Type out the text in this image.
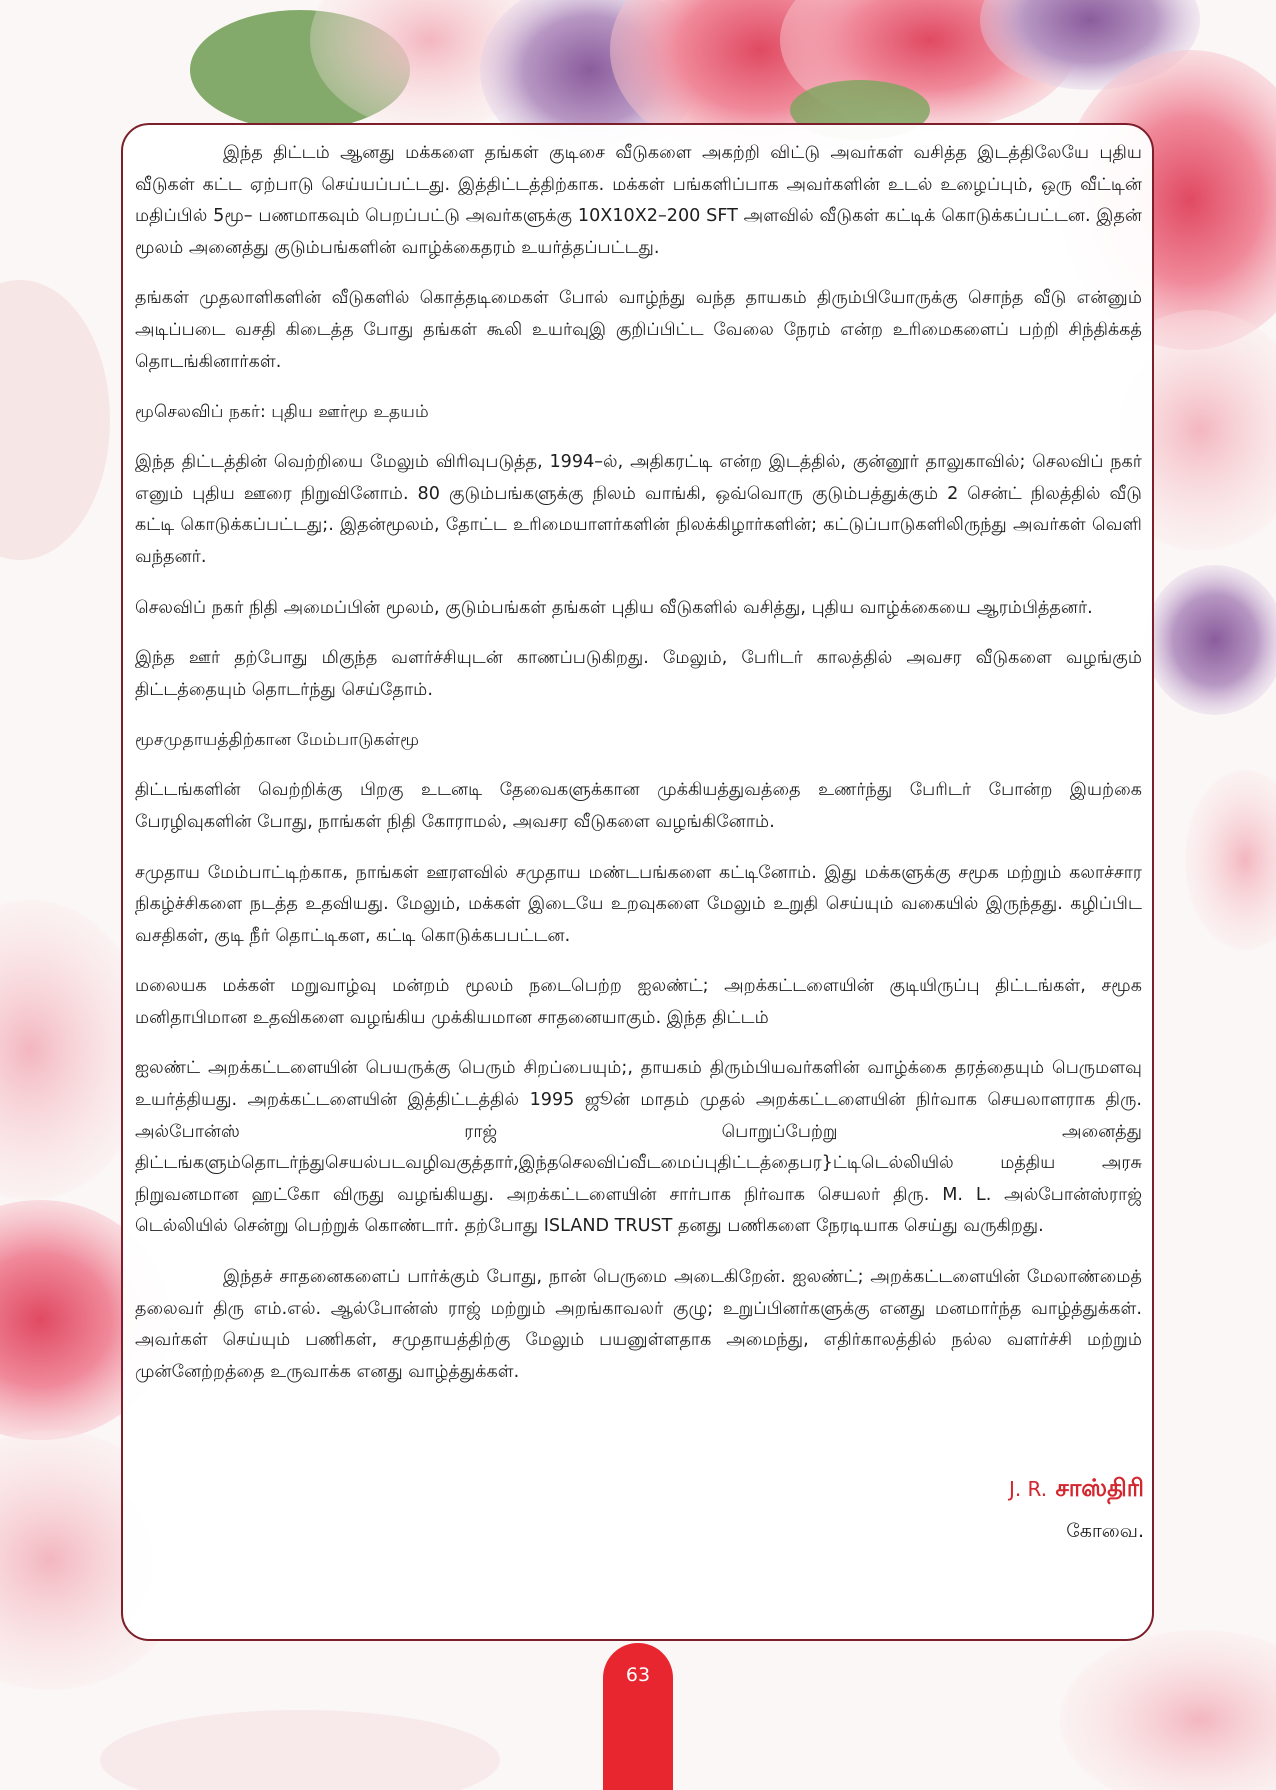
இந்த திட்டம் ஆனது மக்களை தங்கள் குடிசை வீடுகளை அகற்றி விட்டு அவர்கள் வசித்த இடத்திலேயே புதிய வீடுகள் கட்ட ஏற்பாடு செய்யப்பட்டது. இத்திட்டத்திற்காக. மக்கள் பங்களிப்பாக அவர்களின் உடல் உழைப்பும், ஒரு வீட்டின் மதிப்பில் 5மூ– பணமாகவும் பெறப்பட்டு அவர்களுக்கு 10X10X2–200 SFT அளவில் வீடுகள் கட்டிக் கொடுக்கப்பட்டன. இதன் மூலம் அனைத்து குடும்பங்களின் வாழ்க்கைதரம் உயர்த்தப்பட்டது.

தங்கள் முதலாளிகளின் வீடுகளில் கொத்தடிமைகள் போல் வாழ்ந்து வந்த தாயகம் திரும்பியோருக்கு சொந்த வீடு என்னும் அடிப்படை வசதி கிடைத்த போது தங்கள் கூலி உயர்வுஇ குறிப்பிட்ட வேலை நேரம் என்ற உரிமைகளைப் பற்றி சிந்திக்கத் தொடங்கினார்கள்.

மூசெலவிப் நகர்: புதிய ஊர்மூ உதயம்

இந்த திட்டத்தின் வெற்றியை மேலும் விரிவுபடுத்த, 1994–ல், அதிகரட்டி என்ற இடத்தில், குன்னூர் தாலுகாவில்; செலவிப் நகர் எனும் புதிய ஊரை நிறுவினோம். 80 குடும்பங்களுக்கு நிலம் வாங்கி, ஒவ்வொரு குடும்பத்துக்கும் 2 சென்ட் நிலத்தில் வீடு கட்டி கொடுக்கப்பட்டது;. இதன்மூலம், தோட்ட உரிமையாளர்களின் நிலக்கிழார்களின்; கட்டுப்பாடுகளிலிருந்து அவர்கள் வெளி வந்தனர்.

செலவிப் நகர் நிதி அமைப்பின் மூலம், குடும்பங்கள் தங்கள் புதிய வீடுகளில் வசித்து, புதிய வாழ்க்கையை ஆரம்பித்தனர்.

இந்த ஊர் தற்போது மிகுந்த வளர்ச்சியுடன் காணப்படுகிறது. மேலும், பேரிடர் காலத்தில் அவசர வீடுகளை வழங்கும் திட்டத்தையும் தொடர்ந்து செய்தோம்.

மூசமுதாயத்திற்கான மேம்பாடுகள்மூ

திட்டங்களின் வெற்றிக்கு பிறகு உடனடி தேவைகளுக்கான முக்கியத்துவத்தை உணர்ந்து பேரிடர் போன்ற இயற்கை பேரழிவுகளின் போது, நாங்கள் நிதி கோராமல், அவசர வீடுகளை வழங்கினோம்.

சமுதாய மேம்பாட்டிற்காக, நாங்கள் ஊரளவில் சமுதாய மண்டபங்களை கட்டினோம். இது மக்களுக்கு சமூக மற்றும் கலாச்சார நிகழ்ச்சிகளை நடத்த உதவியது. மேலும், மக்கள் இடையே உறவுகளை மேலும் உறுதி செய்யும் வகையில் இருந்தது. கழிப்பிட வசதிகள், குடி நீர் தொட்டிகள, கட்டி கொடுக்கபபட்டன.

மலையக மக்கள் மறுவாழ்வு மன்றம் மூலம் நடைபெற்ற ஐலண்ட்; அறக்கட்டளையின் குடியிருப்பு திட்டங்கள், சமூக மனிதாபிமான உதவிகளை வழங்கிய முக்கியமான சாதனையாகும். இந்த திட்டம்

ஐலண்ட் அறக்கட்டளையின் பெயருக்கு பெரும் சிறப்பையும்;, தாயகம் திரும்பியவர்களின் வாழ்க்கை தரத்தையும் பெருமளவு உயர்த்தியது. அறக்கட்டளையின் இத்திட்டத்தில் 1995 ஜூன் மாதம் முதல் அறக்கட்டளையின் நிர்வாக செயலாளராக திரு. அல்போன்ஸ் ராஜ் பொறுப்பேற்று அனைத்து திட்டங்களும்தொடர்ந்துசெயல்படவழிவகுத்தார்,இந்தசெலவிப்வீடமைப்புதிட்டத்தைபர}ட்டிடெல்லியில் மத்திய அரசு நிறுவனமான ஹட்கோ விருது வழங்கியது. அறக்கட்டளையின் சார்பாக நிர்வாக செயலர் திரு. M. L. அல்போன்ஸ்ராஜ் டெல்லியில் சென்று பெற்றுக் கொண்டார். தற்போது ISLAND TRUST தனது பணிகளை நேரடியாக செய்து வருகிறது.

இந்தச் சாதனைகளைப் பார்க்கும் போது, நான் பெருமை அடைகிறேன். ஐலண்ட்; அறக்கட்டளையின் மேலாண்மைத் தலைவர் திரு எம்.எல். ஆல்போன்ஸ் ராஜ் மற்றும் அறங்காவலர் குழு; உறுப்பினர்களுக்கு எனது மனமார்ந்த வாழ்த்துக்கள். அவர்கள் செய்யும் பணிகள், சமுதாயத்திற்கு மேலும் பயனுள்ளதாக அமைந்து, எதிர்காலத்தில் நல்ல வளர்ச்சி மற்றும் முன்னேற்றத்தை உருவாக்க எனது வாழ்த்துக்கள்.

J. R. சாஸ்திரி
கோவை.
63
